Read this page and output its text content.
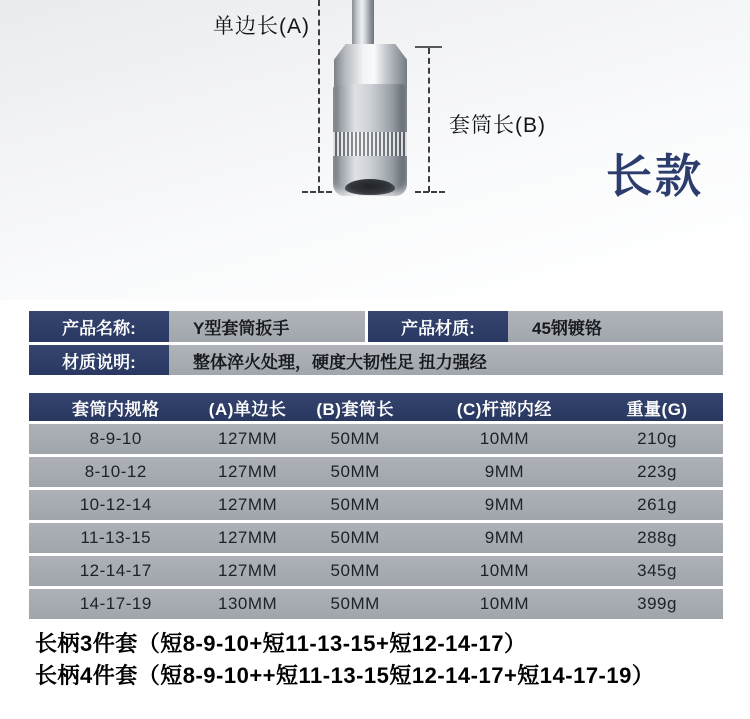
单边长(A)
套筒长(B)
长款
产品名称:	Y型套筒扳手	产品材质:	45钢镀铬
材质说明:	整体淬火处理，硬度大韧性足 扭力强经
套筒内规格	(A)单边长	(B)套筒长	(C)杆部内经	重量(G)
8-9-10	127MM	50MM	10MM	210g
8-10-12	127MM	50MM	9MM	223g
10-12-14	127MM	50MM	9MM	261g
11-13-15	127MM	50MM	9MM	288g
12-14-17	127MM	50MM	10MM	345g
14-17-19	130MM	50MM	10MM	399g
长柄3件套（短8-9-10+短11-13-15+短12-14-17）
长柄4件套（短8-9-10++短11-13-15短12-14-17+短14-17-19）
